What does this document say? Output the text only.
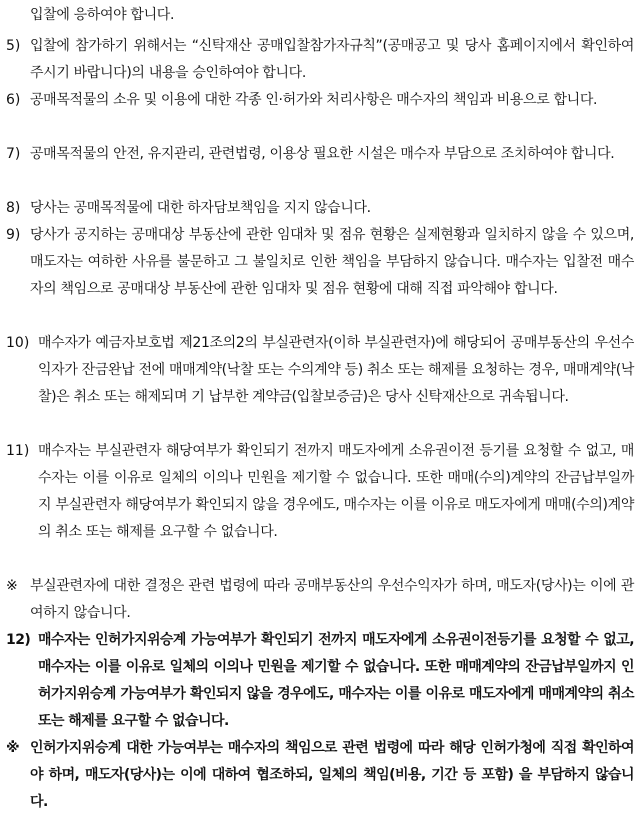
입찰에 응하여야 합니다.
5) 입찰에 참가하기 위해서는 “신탁재산 공매입찰참가자규칙”(공매공고 및 당사 홈페이지에서 확인하여 주시기 바랍니다)의 내용을 승인하여야 합니다.
6) 공매목적물의 소유 및 이용에 대한 각종 인·허가와 처리사항은 매수자의 책임과 비용으로 합니다.
7) 공매목적물의 안전, 유지관리, 관련법령, 이용상 필요한 시설은 매수자 부담으로 조치하여야 합니다.
8) 당사는 공매목적물에 대한 하자담보책임을 지지 않습니다.
9) 당사가 공지하는 공매대상 부동산에 관한 임대차 및 점유 현황은 실제현황과 일치하지 않을 수 있으며, 매도자는 여하한 사유를 불문하고 그 불일치로 인한 책임을 부담하지 않습니다. 매수자는 입찰전 매수자의 책임으로 공매대상 부동산에 관한 임대차 및 점유 현황에 대해 직접 파악해야 합니다.
10) 매수자가 예금자보호법 제21조의2의 부실관련자(이하 부실관련자)에 해당되어 공매부동산의 우선수익자가 잔금완납 전에 매매계약(낙찰 또는 수의계약 등) 취소 또는 해제를 요청하는 경우, 매매계약(낙찰)은 취소 또는 해제되며 기 납부한 계약금(입찰보증금)은 당사 신탁재산으로 귀속됩니다.
11) 매수자는 부실관련자 해당여부가 확인되기 전까지 매도자에게 소유권이전 등기를 요청할 수 없고, 매수자는 이를 이유로 일체의 이의나 민원을 제기할 수 없습니다. 또한 매매(수의)계약의 잔금납부일까지 부실관련자 해당여부가 확인되지 않을 경우에도, 매수자는 이를 이유로 매도자에게 매매(수의)계약의 취소 또는 해제를 요구할 수 없습니다.
※ 부실관련자에 대한 결정은 관련 법령에 따라 공매부동산의 우선수익자가 하며, 매도자(당사)는 이에 관여하지 않습니다.
12) 매수자는 인허가지위승계 가능여부가 확인되기 전까지 매도자에게 소유권이전등기를 요청할 수 없고, 매수자는 이를 이유로 일체의 이의나 민원을 제기할 수 없습니다. 또한 매매계약의 잔금납부일까지 인허가지위승계 가능여부가 확인되지 않을 경우에도, 매수자는 이를 이유로 매도자에게 매매계약의 취소 또는 해제를 요구할 수 없습니다.
※ 인허가지위승계 대한 가능여부는 매수자의 책임으로 관련 법령에 따라 해당 인허가청에 직접 확인하여야 하며, 매도자(당사)는 이에 대하여 협조하되, 일체의 책임(비용, 기간 등 포함) 을 부담하지 않습니다.
